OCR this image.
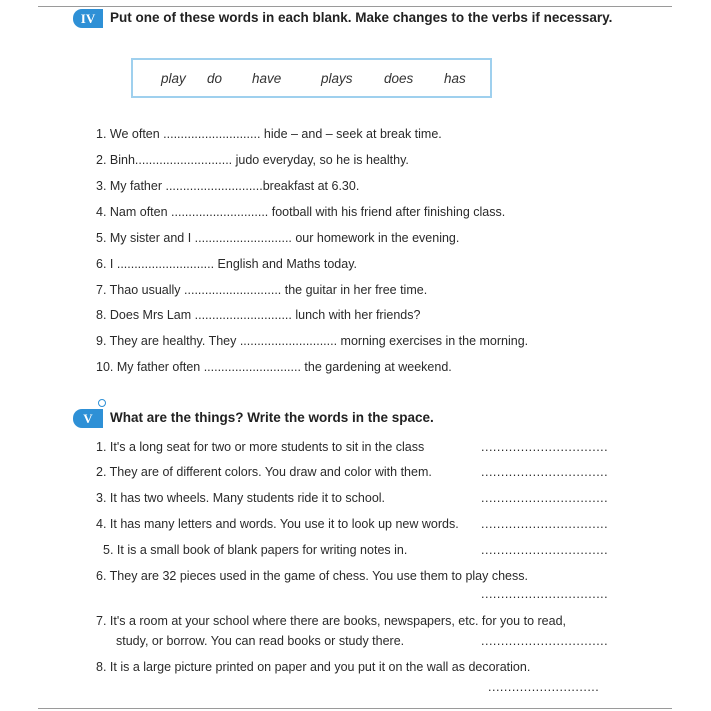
IV	Put one of these words in each blank. Make changes to the verbs if necessary.
play do have	plays does has
1. We often ............................ hide – and – seek at break time.
2. Binh............................ judo everyday, so he is healthy.
3. My father ............................breakfast at 6.30.
4. Nam often ............................ football with his friend after finishing class.
5. My sister and I ............................ our homework in the evening.
6. I ............................ English and Maths today.
7. Thao usually ............................ the guitar in her free time.
8. Does Mrs Lam ............................ lunch with her friends?
9. They are healthy. They ............................ morning exercises in the morning.
10. My father often ............................ the gardening at weekend.
V	What are the things? Write the words in the space.
1. It's a long seat for two or more students to sit in the class	................................
2. They are of different colors. You draw and color with them.	................................
3. It has two wheels. Many students ride it to school.	................................
4. It has many letters and words. You use it to look up new words. ................................
5. It is a small book of blank papers for writing notes in.	................................
6. They are 32 pieces used in the game of chess. You use them to play chess.
................................
7. It's a room at your school where there are books, newspapers, etc. for you to read,
study, or borrow. You can read books or study there.	................................
8. It is a large picture printed on paper and you put it on the wall as decoration.
............................
